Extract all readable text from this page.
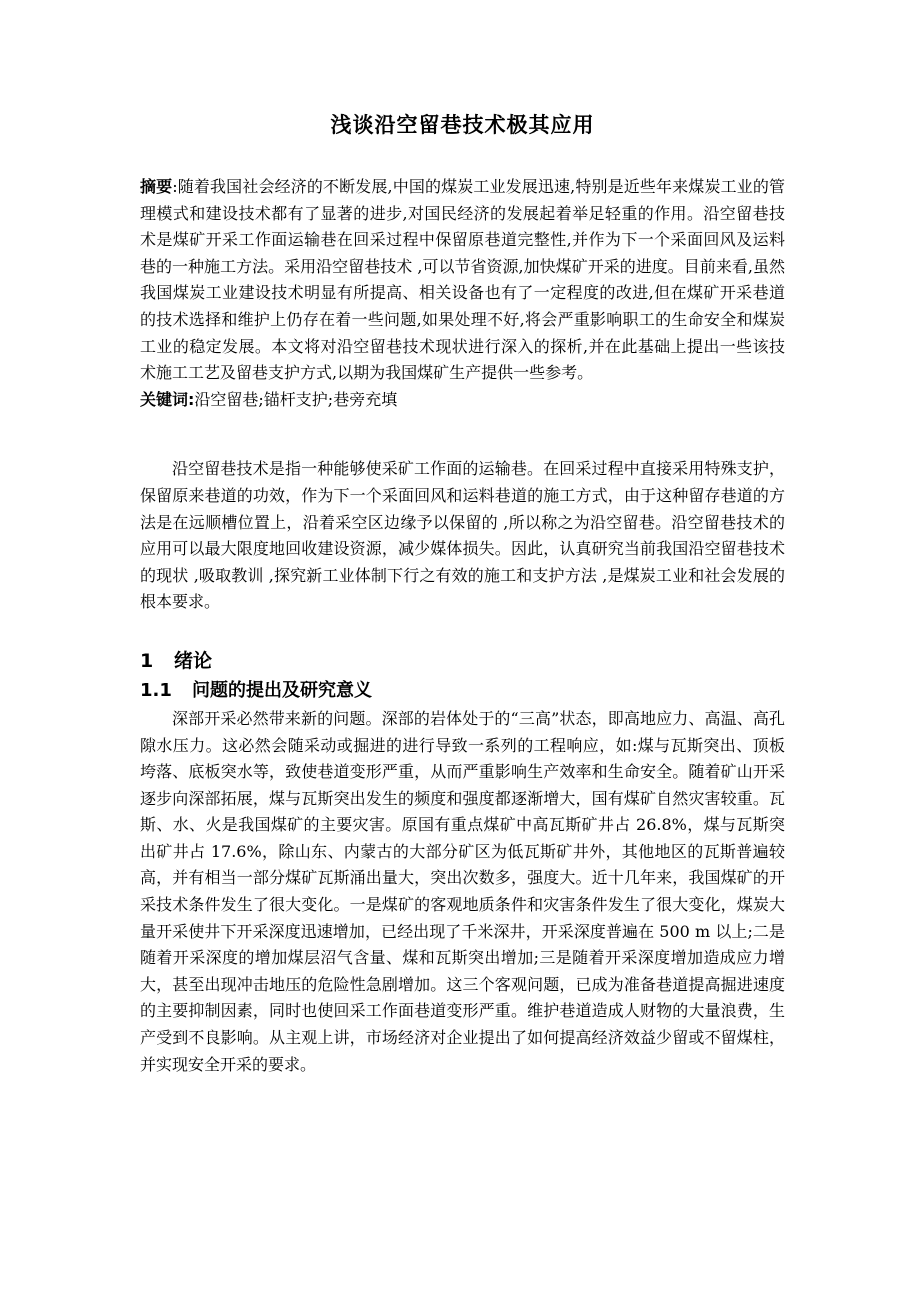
浅谈沿空留巷技术极其应用

摘要:随着我国社会经济的不断发展,中国的煤炭工业发展迅速,特别是近些年来煤炭工业的管理模式和建设技术都有了显著的进步,对国民经济的发展起着举足轻重的作用。沿空留巷技术是煤矿开采工作面运输巷在回采过程中保留原巷道完整性,并作为下一个采面回风及运料巷的一种施工方法。采用沿空留巷技术 ,可以节省资源,加快煤矿开采的进度。目前来看,虽然我国煤炭工业建设技术明显有所提高、相关设备也有了一定程度的改进,但在煤矿开采巷道的技术选择和维护上仍存在着一些问题,如果处理不好,将会严重影响职工的生命安全和煤炭工业的稳定发展。本文将对沿空留巷技术现状进行深入的探析,并在此基础上提出一些该技术施工工艺及留巷支护方式,以期为我国煤矿生产提供一些参考。

关键词:沿空留巷;锚杆支护;巷旁充填

沿空留巷技术是指一种能够使采矿工作面的运输巷。在回采过程中直接采用特殊支护，保留原来巷道的功效，作为下一个采面回风和运料巷道的施工方式，由于这种留存巷道的方法是在远顺槽位置上，沿着采空区边缘予以保留的 ,所以称之为沿空留巷。沿空留巷技术的应用可以最大限度地回收建设资源，减少媒体损失。因此，认真研究当前我国沿空留巷技术的现状 ,吸取教训 ,探究新工业体制下行之有效的施工和支护方法 ,是煤炭工业和社会发展的根本要求。

1 绪论
1.1 问题的提出及研究意义

深部开采必然带来新的问题。深部的岩体处于的“三高”状态，即高地应力、高温、高孔隙水压力。这必然会随采动或掘进的进行导致一系列的工程响应，如:煤与瓦斯突出、顶板垮落、底板突水等，致使巷道变形严重，从而严重影响生产效率和生命安全。随着矿山开采逐步向深部拓展，煤与瓦斯突出发生的频度和强度都逐渐增大，国有煤矿自然灾害较重。瓦斯、水、火是我国煤矿的主要灾害。原国有重点煤矿中高瓦斯矿井占 26.8%，煤与瓦斯突出矿井占 17.6%，除山东、内蒙古的大部分矿区为低瓦斯矿井外，其他地区的瓦斯普遍较高，并有相当一部分煤矿瓦斯涌出量大，突出次数多，强度大。近十几年来，我国煤矿的开采技术条件发生了很大变化。一是煤矿的客观地质条件和灾害条件发生了很大变化，煤炭大量开采使井下开采深度迅速增加，已经出现了千米深井，开采深度普遍在 500 m 以上;二是随着开采深度的增加煤层沼气含量、煤和瓦斯突出增加;三是随着开采深度增加造成应力增大，甚至出现冲击地压的危险性急剧增加。这三个客观问题，已成为准备巷道提高掘进速度的主要抑制因素，同时也使回采工作面巷道变形严重。维护巷道造成人财物的大量浪费，生产受到不良影响。从主观上讲，市场经济对企业提出了如何提高经济效益少留或不留煤柱，并实现安全开采的要求。
